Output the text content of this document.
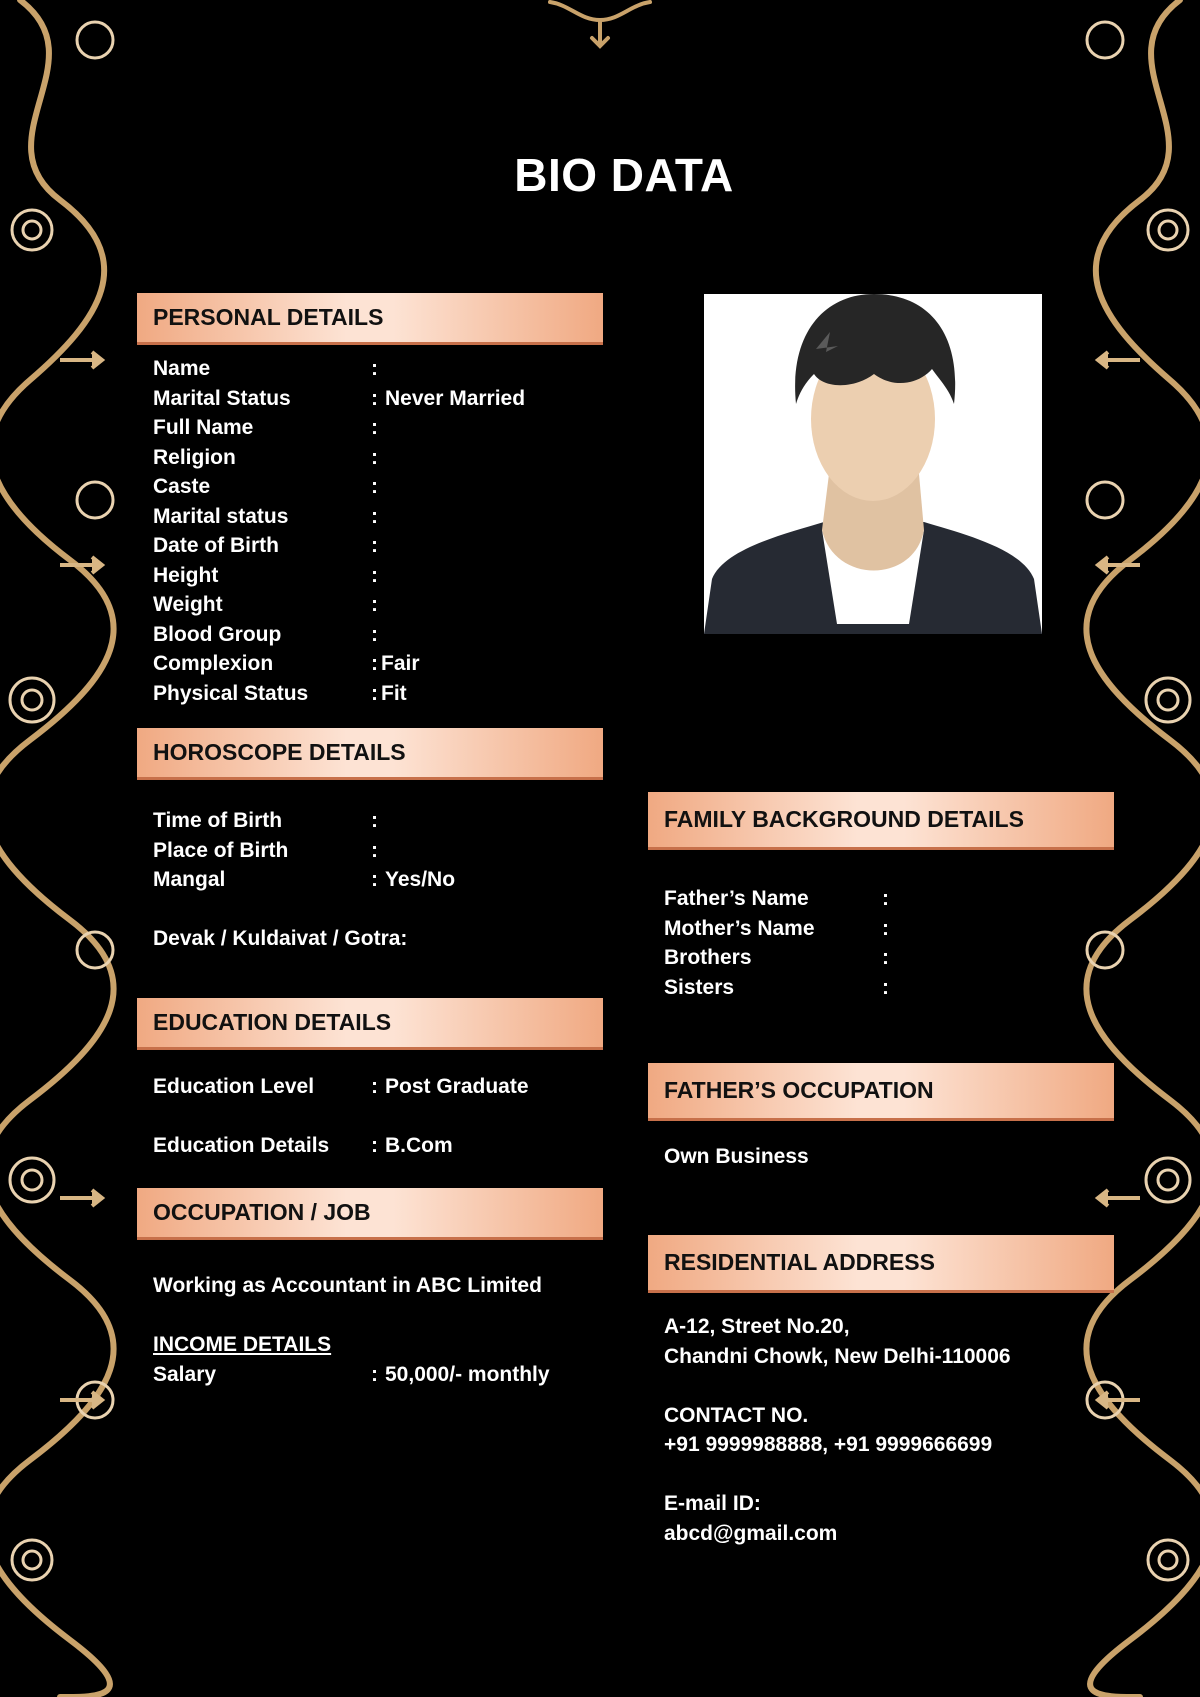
BIO DATA
PERSONAL DETAILS
Name	:
Marital Status	: Never Married
Full Name	:
Religion	:
Caste	:
Marital status	:
Date of Birth	:
Height	:
Weight	:
Blood Group	:
Complexion	: Fair
Physical Status	: Fit
HOROSCOPE DETAILS
Time of Birth	:
Place of Birth	:
Mangal	: Yes/No
Devak / Kuldaivat / Gotra:
EDUCATION DETAILS
Education Level	: Post Graduate
Education Details : B.Com
OCCUPATION / JOB
Working as Accountant in ABC Limited
INCOME DETAILS
Salary	: 50,000/- monthly
FAMILY BACKGROUND DETAILS
Father’s Name	:
Mother’s Name	:
Brothers	:
Sisters	:
FATHER’S OCCUPATION
Own Business
RESIDENTIAL ADDRESS
A-12, Street No.20,
Chandni Chowk, New Delhi-110006
CONTACT NO.
+91 9999988888, +91 9999666699
E-mail ID:
abcd@gmail.com
